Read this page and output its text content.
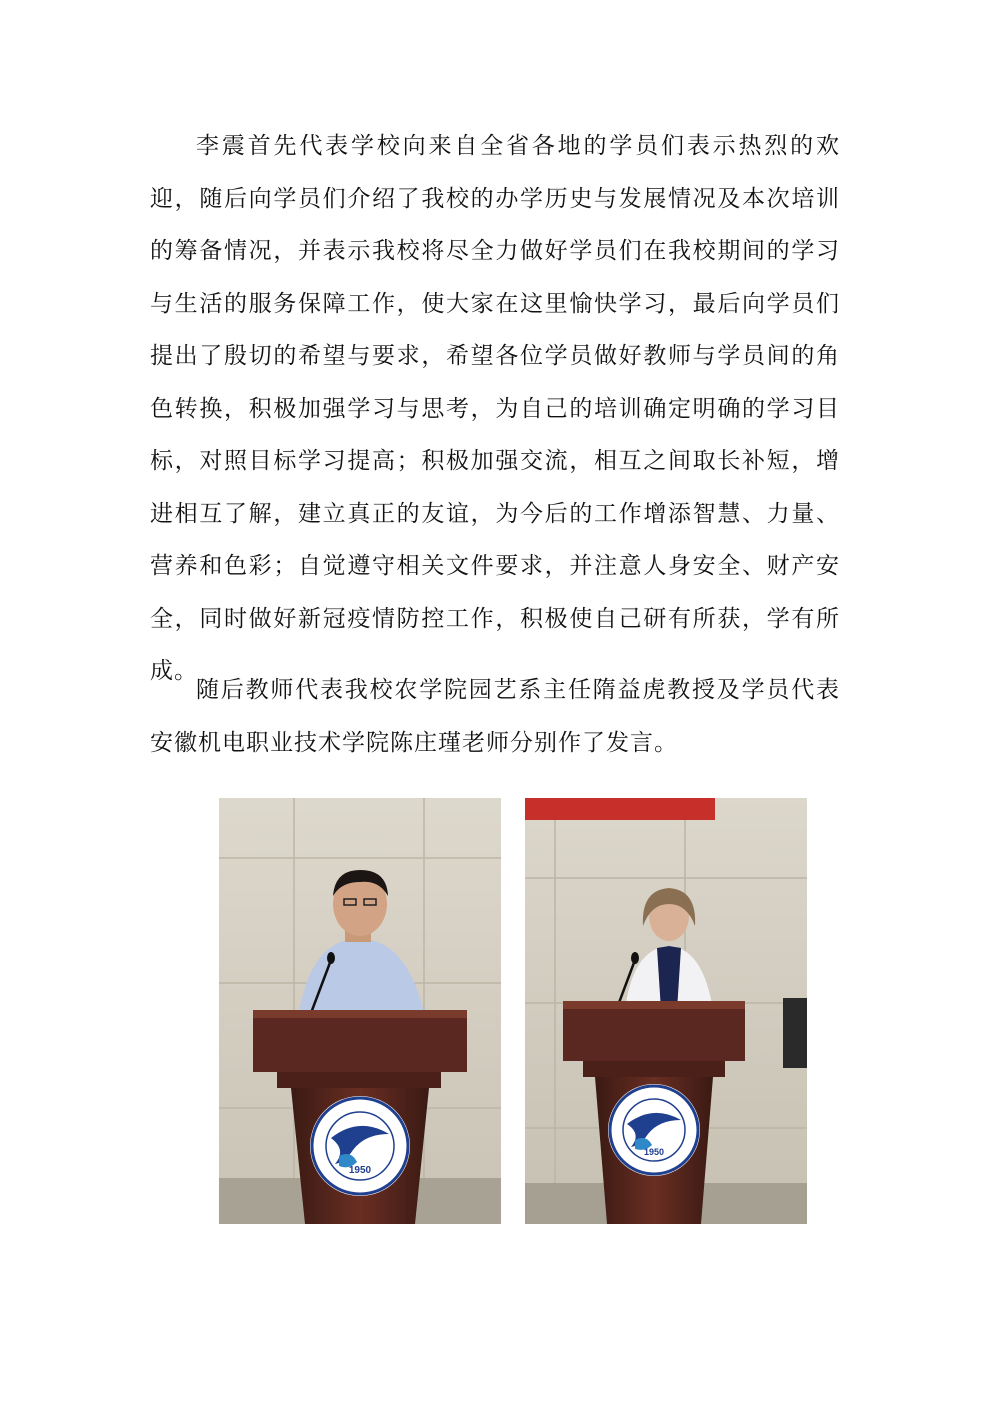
李震首先代表学校向来自全省各地的学员们表示热烈的欢迎，随后向学员们介绍了我校的办学历史与发展情况及本次培训的筹备情况，并表示我校将尽全力做好学员们在我校期间的学习与生活的服务保障工作，使大家在这里愉快学习，最后向学员们提出了殷切的希望与要求，希望各位学员做好教师与学员间的角色转换，积极加强学习与思考，为自己的培训确定明确的学习目标，对照目标学习提高；积极加强交流，相互之间取长补短，增进相互了解，建立真正的友谊，为今后的工作增添智慧、力量、营养和色彩；自觉遵守相关文件要求，并注意人身安全、财产安全，同时做好新冠疫情防控工作，积极使自己研有所获，学有所成。

随后教师代表我校农学院园艺系主任隋益虎教授及学员代表安徽机电职业技术学院陈庄瑾老师分别作了发言。

1950
1950
